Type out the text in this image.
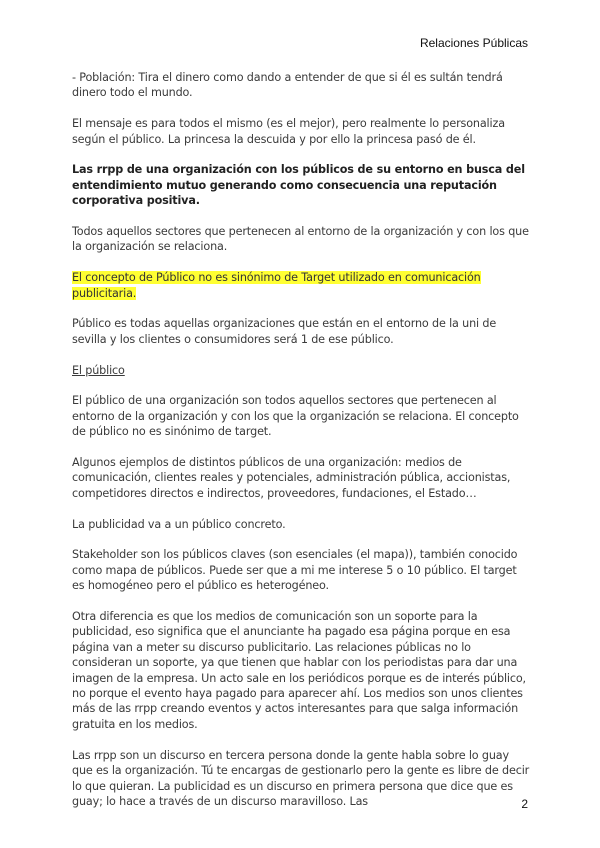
Relaciones Públicas

- Población: Tira el dinero como dando a entender de que si él es sultán tendrá dinero todo el mundo.

El mensaje es para todos el mismo (es el mejor), pero realmente lo personaliza según el público. La princesa la descuida y por ello la princesa pasó de él.

Las rrpp de una organización con los públicos de su entorno en busca del entendimiento mutuo generando como consecuencia una reputación corporativa positiva.

Todos aquellos sectores que pertenecen al entorno de la organización y con los que la organización se relaciona.

El concepto de Público no es sinónimo de Target utilizado en comunicación publicitaria.

Público es todas aquellas organizaciones que están en el entorno de la uni de sevilla y los clientes o consumidores será 1 de ese público.

El público

El público de una organización son todos aquellos sectores que pertenecen al entorno de la organización y con los que la organización se relaciona. El concepto de público no es sinónimo de target.

Algunos ejemplos de distintos públicos de una organización: medios de comunicación, clientes reales y potenciales, administración pública, accionistas, competidores directos e indirectos, proveedores, fundaciones, el Estado…

La publicidad va a un público concreto.

Stakeholder son los públicos claves (son esenciales (el mapa)), también conocido como mapa de públicos. Puede ser que a mi me interese 5 o 10 público. El target es homogéneo pero el público es heterogéneo.

Otra diferencia es que los medios de comunicación son un soporte para la publicidad, eso significa que el anunciante ha pagado esa página porque en esa página van a meter su discurso publicitario. Las relaciones públicas no lo consideran un soporte, ya que tienen que hablar con los periodistas para dar una imagen de la empresa. Un acto sale en los periódicos porque es de interés público, no porque el evento haya pagado para aparecer ahí. Los medios son unos clientes más de las rrpp creando eventos y actos interesantes para que salga información gratuita en los medios.

Las rrpp son un discurso en tercera persona donde la gente habla sobre lo guay que es la organización. Tú te encargas de gestionarlo pero la gente es libre de decir lo que quieran. La publicidad es un discurso en primera persona que dice que es guay; lo hace a través de un discurso maravilloso. Las	2
